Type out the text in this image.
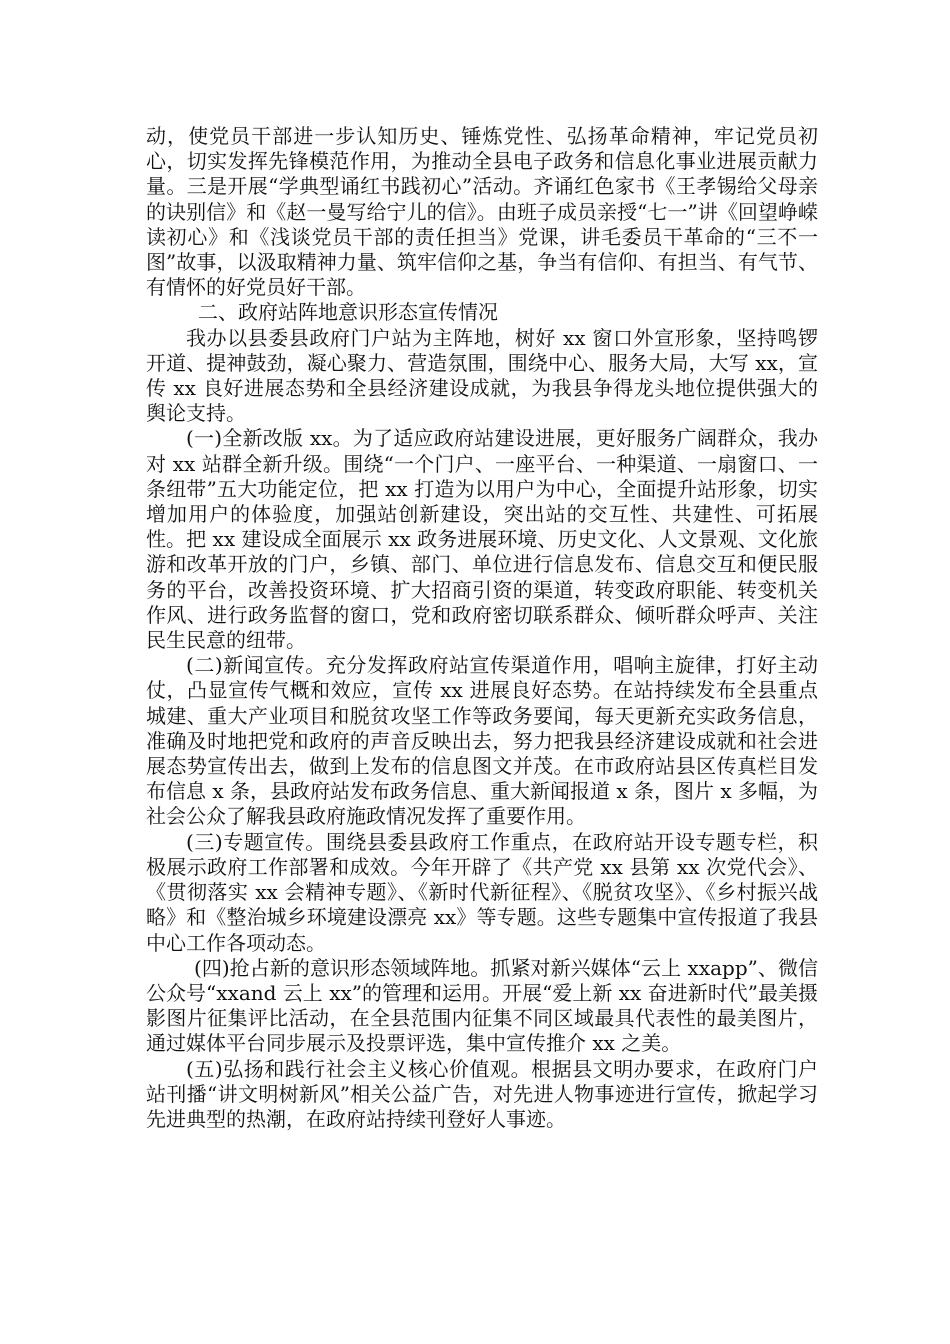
动，使党员干部进一步认知历史、锤炼党性、弘扬革命精神，牢记党员初心，切实发挥先锋模范作用，为推动全县电子政务和信息化事业进展贡献力量。三是开展“学典型诵红书践初心”活动。齐诵红色家书《王孝锡给父母亲的诀别信》和《赵一曼写给宁儿的信》。由班子成员亲授“七一”讲《回望峥嵘读初心》和《浅谈党员干部的责任担当》党课，讲毛委员干革命的“三不一图”故事，以汲取精神力量、筑牢信仰之基，争当有信仰、有担当、有气节、有情怀的好党员好干部。

二、政府站阵地意识形态宣传情况

我办以县委县政府门户站为主阵地，树好 xx 窗口外宣形象，坚持鸣锣开道、提神鼓劲，凝心聚力、营造氛围，围绕中心、服务大局，大写 xx，宣传 xx 良好进展态势和全县经济建设成就，为我县争得龙头地位提供强大的舆论支持。

(一)全新改版 xx。为了适应政府站建设进展，更好服务广阔群众，我办对 xx 站群全新升级。围绕“一个门户、一座平台、一种渠道、一扇窗口、一条纽带”五大功能定位，把 xx 打造为以用户为中心，全面提升站形象，切实增加用户的体验度，加强站创新建设，突出站的交互性、共建性、可拓展性。把 xx 建设成全面展示 xx 政务进展环境、历史文化、人文景观、文化旅游和改革开放的门户，乡镇、部门、单位进行信息发布、信息交互和便民服务的平台，改善投资环境、扩大招商引资的渠道，转变政府职能、转变机关作风、进行政务监督的窗口，党和政府密切联系群众、倾听群众呼声、关注民生民意的纽带。

(二)新闻宣传。充分发挥政府站宣传渠道作用，唱响主旋律，打好主动仗，凸显宣传气概和效应，宣传 xx 进展良好态势。在站持续发布全县重点城建、重大产业项目和脱贫攻坚工作等政务要闻，每天更新充实政务信息，准确及时地把党和政府的声音反映出去，努力把我县经济建设成就和社会进展态势宣传出去，做到上发布的信息图文并茂。在市政府站县区传真栏目发布信息 x 条，县政府站发布政务信息、重大新闻报道 x 条，图片 x 多幅，为社会公众了解我县政府施政情况发挥了重要作用。

(三)专题宣传。围绕县委县政府工作重点，在政府站开设专题专栏，积极展示政府工作部署和成效。今年开辟了《共产党 xx 县第 xx 次党代会》、《贯彻落实 xx 会精神专题》、《新时代新征程》、《脱贫攻坚》、《乡村振兴战略》和《整治城乡环境建设漂亮 xx》等专题。这些专题集中宣传报道了我县中心工作各项动态。

(四)抢占新的意识形态领域阵地。抓紧对新兴媒体“云上 xxapp”、微信公众号“xxand 云上 xx”的管理和运用。开展“爱上新 xx 奋进新时代”最美摄影图片征集评比活动，在全县范围内征集不同区域最具代表性的最美图片，通过媒体平台同步展示及投票评选，集中宣传推介 xx 之美。

(五)弘扬和践行社会主义核心价值观。根据县文明办要求，在政府门户站刊播“讲文明树新风”相关公益广告，对先进人物事迹进行宣传，掀起学习先进典型的热潮，在政府站持续刊登好人事迹。
